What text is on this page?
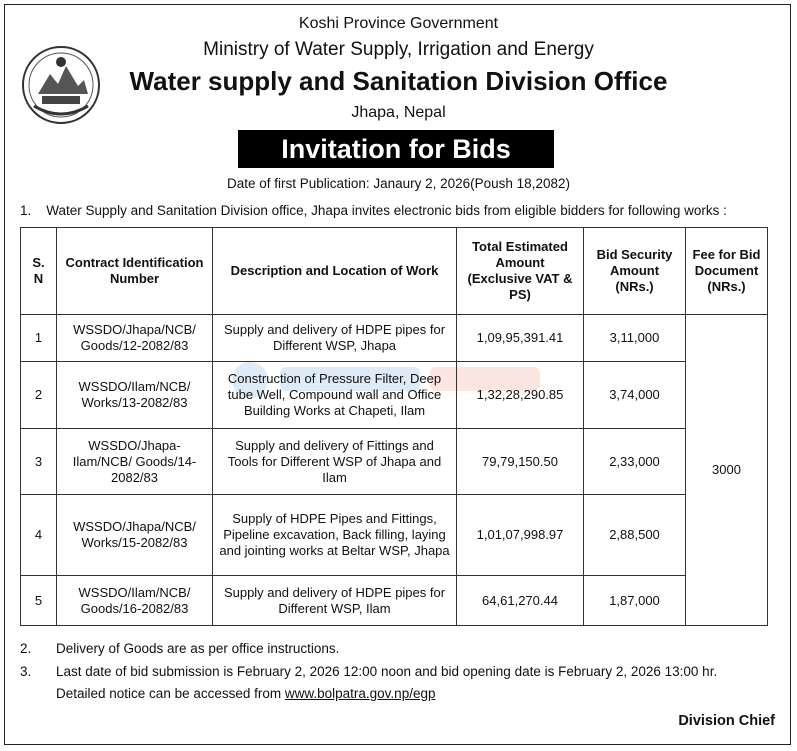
Koshi Province Government
Ministry of Water Supply, Irrigation and Energy
Water supply and Sanitation Division Office
Jhapa, Nepal
Invitation for Bids
Date of first Publication: Janaury 2, 2026(Poush 18,2082)
1. Water Supply and Sanitation Division office, Jhapa invites electronic bids from eligible bidders for following works :
S. N	Contract Identification Number	Description and Location of Work	Total Estimated Amount (Exclusive VAT & PS)	Bid Security Amount (NRs.)	Fee for Bid Document (NRs.)
1	WSSDO/Jhapa/NCB/ Goods/12-2082/83	Supply and delivery of HDPE pipes for Different WSP, Jhapa	1,09,95,391.41	3,11,000	3000
2	WSSDO/Ilam/NCB/ Works/13-2082/83	Construction of Pressure Filter, Deep tube Well, Compound wall and Office Building Works at Chapeti, Ilam	1,32,28,290.85	3,74,000	
3	WSSDO/Jhapa- Ilam/NCB/ Goods/14-2082/83	Supply and delivery of Fittings and Tools for Different WSP of Jhapa and Ilam	79,79,150.50	2,33,000	
4	WSSDO/Jhapa/NCB/ Works/15-2082/83	Supply of HDPE Pipes and Fittings, Pipeline excavation, Back filling, laying and jointing works at Beltar WSP, Jhapa	1,01,07,998.97	2,88,500	
5	WSSDO/Ilam/NCB/ Goods/16-2082/83	Supply and delivery of HDPE pipes for Different WSP, Ilam	64,61,270.44	1,87,000	
2. Delivery of Goods are as per office instructions.
3. Last date of bid submission is February 2, 2026 12:00 noon and bid opening date is February 2, 2026 13:00 hr.
Detailed notice can be accessed from www.bolpatra.gov.np/egp
Division Chief
